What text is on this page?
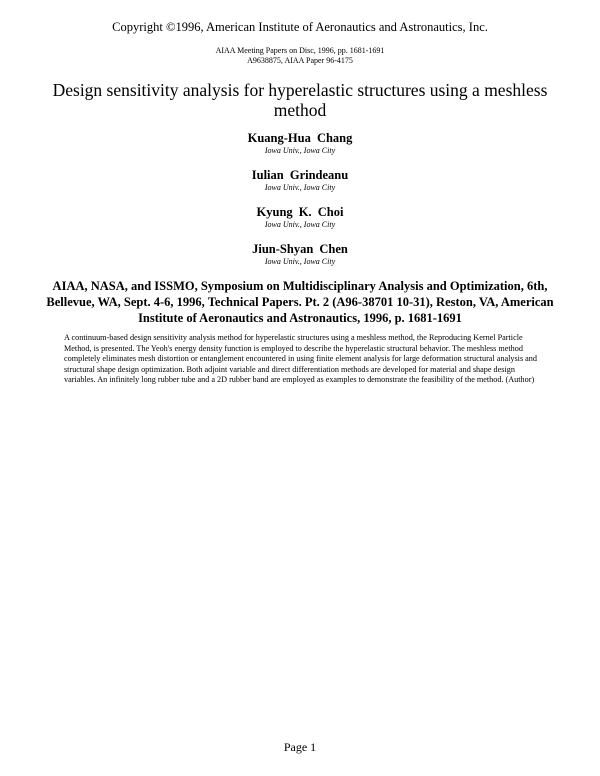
Copyright ©1996, American Institute of Aeronautics and Astronautics, Inc.
AIAA Meeting Papers on Disc, 1996, pp. 1681-1691
A9638875, AIAA Paper 96-4175
Design sensitivity analysis for hyperelastic structures using a meshless method
Kuang-Hua Chang
Iowa Univ., Iowa City
Iulian Grindeanu
Iowa Univ., Iowa City
Kyung K. Choi
Iowa Univ., Iowa City
Jiun-Shyan Chen
Iowa Univ., Iowa City
AIAA, NASA, and ISSMO, Symposium on Multidisciplinary Analysis and Optimization, 6th, Bellevue, WA, Sept. 4-6, 1996, Technical Papers. Pt. 2 (A96-38701 10-31), Reston, VA, American Institute of Aeronautics and Astronautics, 1996, p. 1681-1691
A continuum-based design sensitivity analysis method for hyperelastic structures using a meshless method, the Reproducing Kernel Particle Method, is presented. The Yeoh's energy density function is employed to describe the hyperelastic structural behavior. The meshless method completely eliminates mesh distortion or entanglement encountered in using finite element analysis for large deformation structural analysis and structural shape design optimization. Both adjoint variable and direct differentiation methods are developed for material and shape design variables. An infinitely long rubber tube and a 2D rubber band are employed as examples to demonstrate the feasibility of the method. (Author)
Page 1
